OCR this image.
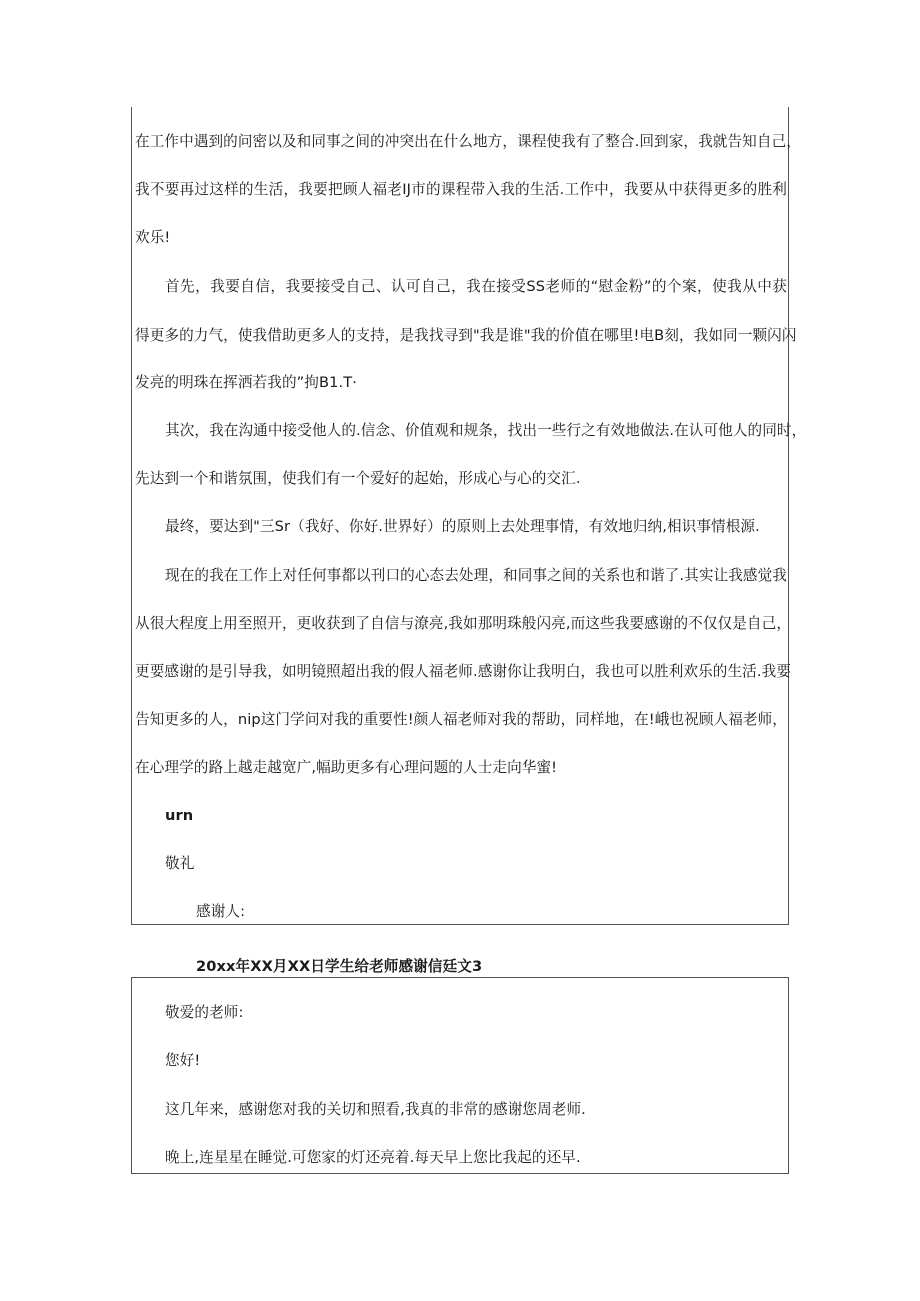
在工作中遇到的问密以及和同事之间的冲突出在什么地方，课程使我有了整合.回到家，我就告知自己，
我不要再过这样的生活，我要把顾人福老IJ市的课程带入我的生活.工作中，我要从中获得更多的胜利
欢乐!
首先，我要自信，我要接受自己、认可自己，我在接受SS老师的“慰金粉”的个案，使我从中获
得更多的力气，使我借助更多人的支持，是我找寻到"我是谁"我的价值在哪里!电B刻，我如同一颗闪闪
发亮的明珠在挥洒若我的”拘B1.T·
其次，我在沟通中接受他人的.信念、价值观和规条，找出一些行之有效地做法.在认可他人的同时，
先达到一个和谐氛围，使我们有一个爱好的起始，形成心与心的交汇.
最终，要达到"三Sr（我好、你好.世界好）的原则上去处理事情，有效地归纳,相识事情根源.
现在的我在工作上对任何事都以刊口的心态去处理，和同事之间的关系也和谐了.其实让我感觉我
从很大程度上用至照开，更收获到了自信与潦亮,我如那明珠般闪亮,而这些我要感谢的不仅仅是自己，
更要感谢的是引导我，如明镜照超出我的假人福老师.感谢你让我明白，我也可以胜利欢乐的生活.我要
告知更多的人，nip这门学问对我的重要性!颜人福老师对我的帮助，同样地，在!峨也祝顾人福老师，
在心理学的路上越走越宽广,幅助更多有心理问题的人士走向华蜜!
urn
敬礼
感谢人:
20xx年XX月XX日学生给老师感谢信廷文3
敬爱的老师:
您好!
这几年来，感谢您对我的关切和照看,我真的非常的感谢您周老师.
晚上,连星星在睡觉.可您家的灯还亮着.每天早上您比我起的还早.
